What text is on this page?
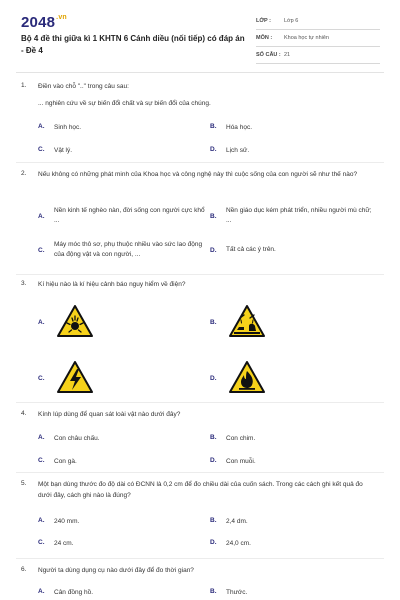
$2048^{.vn}$
Bộ 4 đề thi giữa kì 1 KHTN 6 Cánh diều (nối tiếp) có đáp án - Đề 4
LỚP :	Lớp 6
MÔN :	Khoa học tự nhiên
SỐ CÂU : 21
1. Điền vào chỗ ".." trong câu sau:
... nghiên cứu về sự biến đổi chất và sự biến đổi của chúng.
A.	Sinh học.	B.	Hóa học.
C.	Vật lý.	D.	Lịch sử.
2. Nếu không có những phát minh của Khoa học và công nghệ này thì cuộc sống của con người sẽ như thế nào?
A.
Nền kinh tế nghèo nàn, đời sống con người cực khổ ...
B.
Nền giáo dục kém phát triển, nhiều người mù chữ; ...
C.
Máy móc thô sơ, phụ thuộc nhiều vào sức lao động của động vật và con người, ...
D.	Tất cả các ý trên.
3. Kí hiệu nào là kí hiệu cảnh báo nguy hiểm về điện?
A.	B.
C.	D.
4. Kính lúp dùng để quan sát loài vật nào dưới đây?
A.	Con châu chấu.	B.	Con chim.
C.	Con gà.	D.	Con muỗi.
5. Một bạn dùng thước đo độ dài có ĐCNN là 0,2 cm để đo chiều dài của cuốn sách. Trong các cách ghi kết quả đo dưới đây, cách ghi nào là đúng?
A.	240 mm.	B.	2,4 dm.
C.	24 cm.	D.	24,0 cm.
6. Người ta dùng dụng cụ nào dưới đây để đo thời gian?
A.	Cân đồng hồ.	B.	Thước.
